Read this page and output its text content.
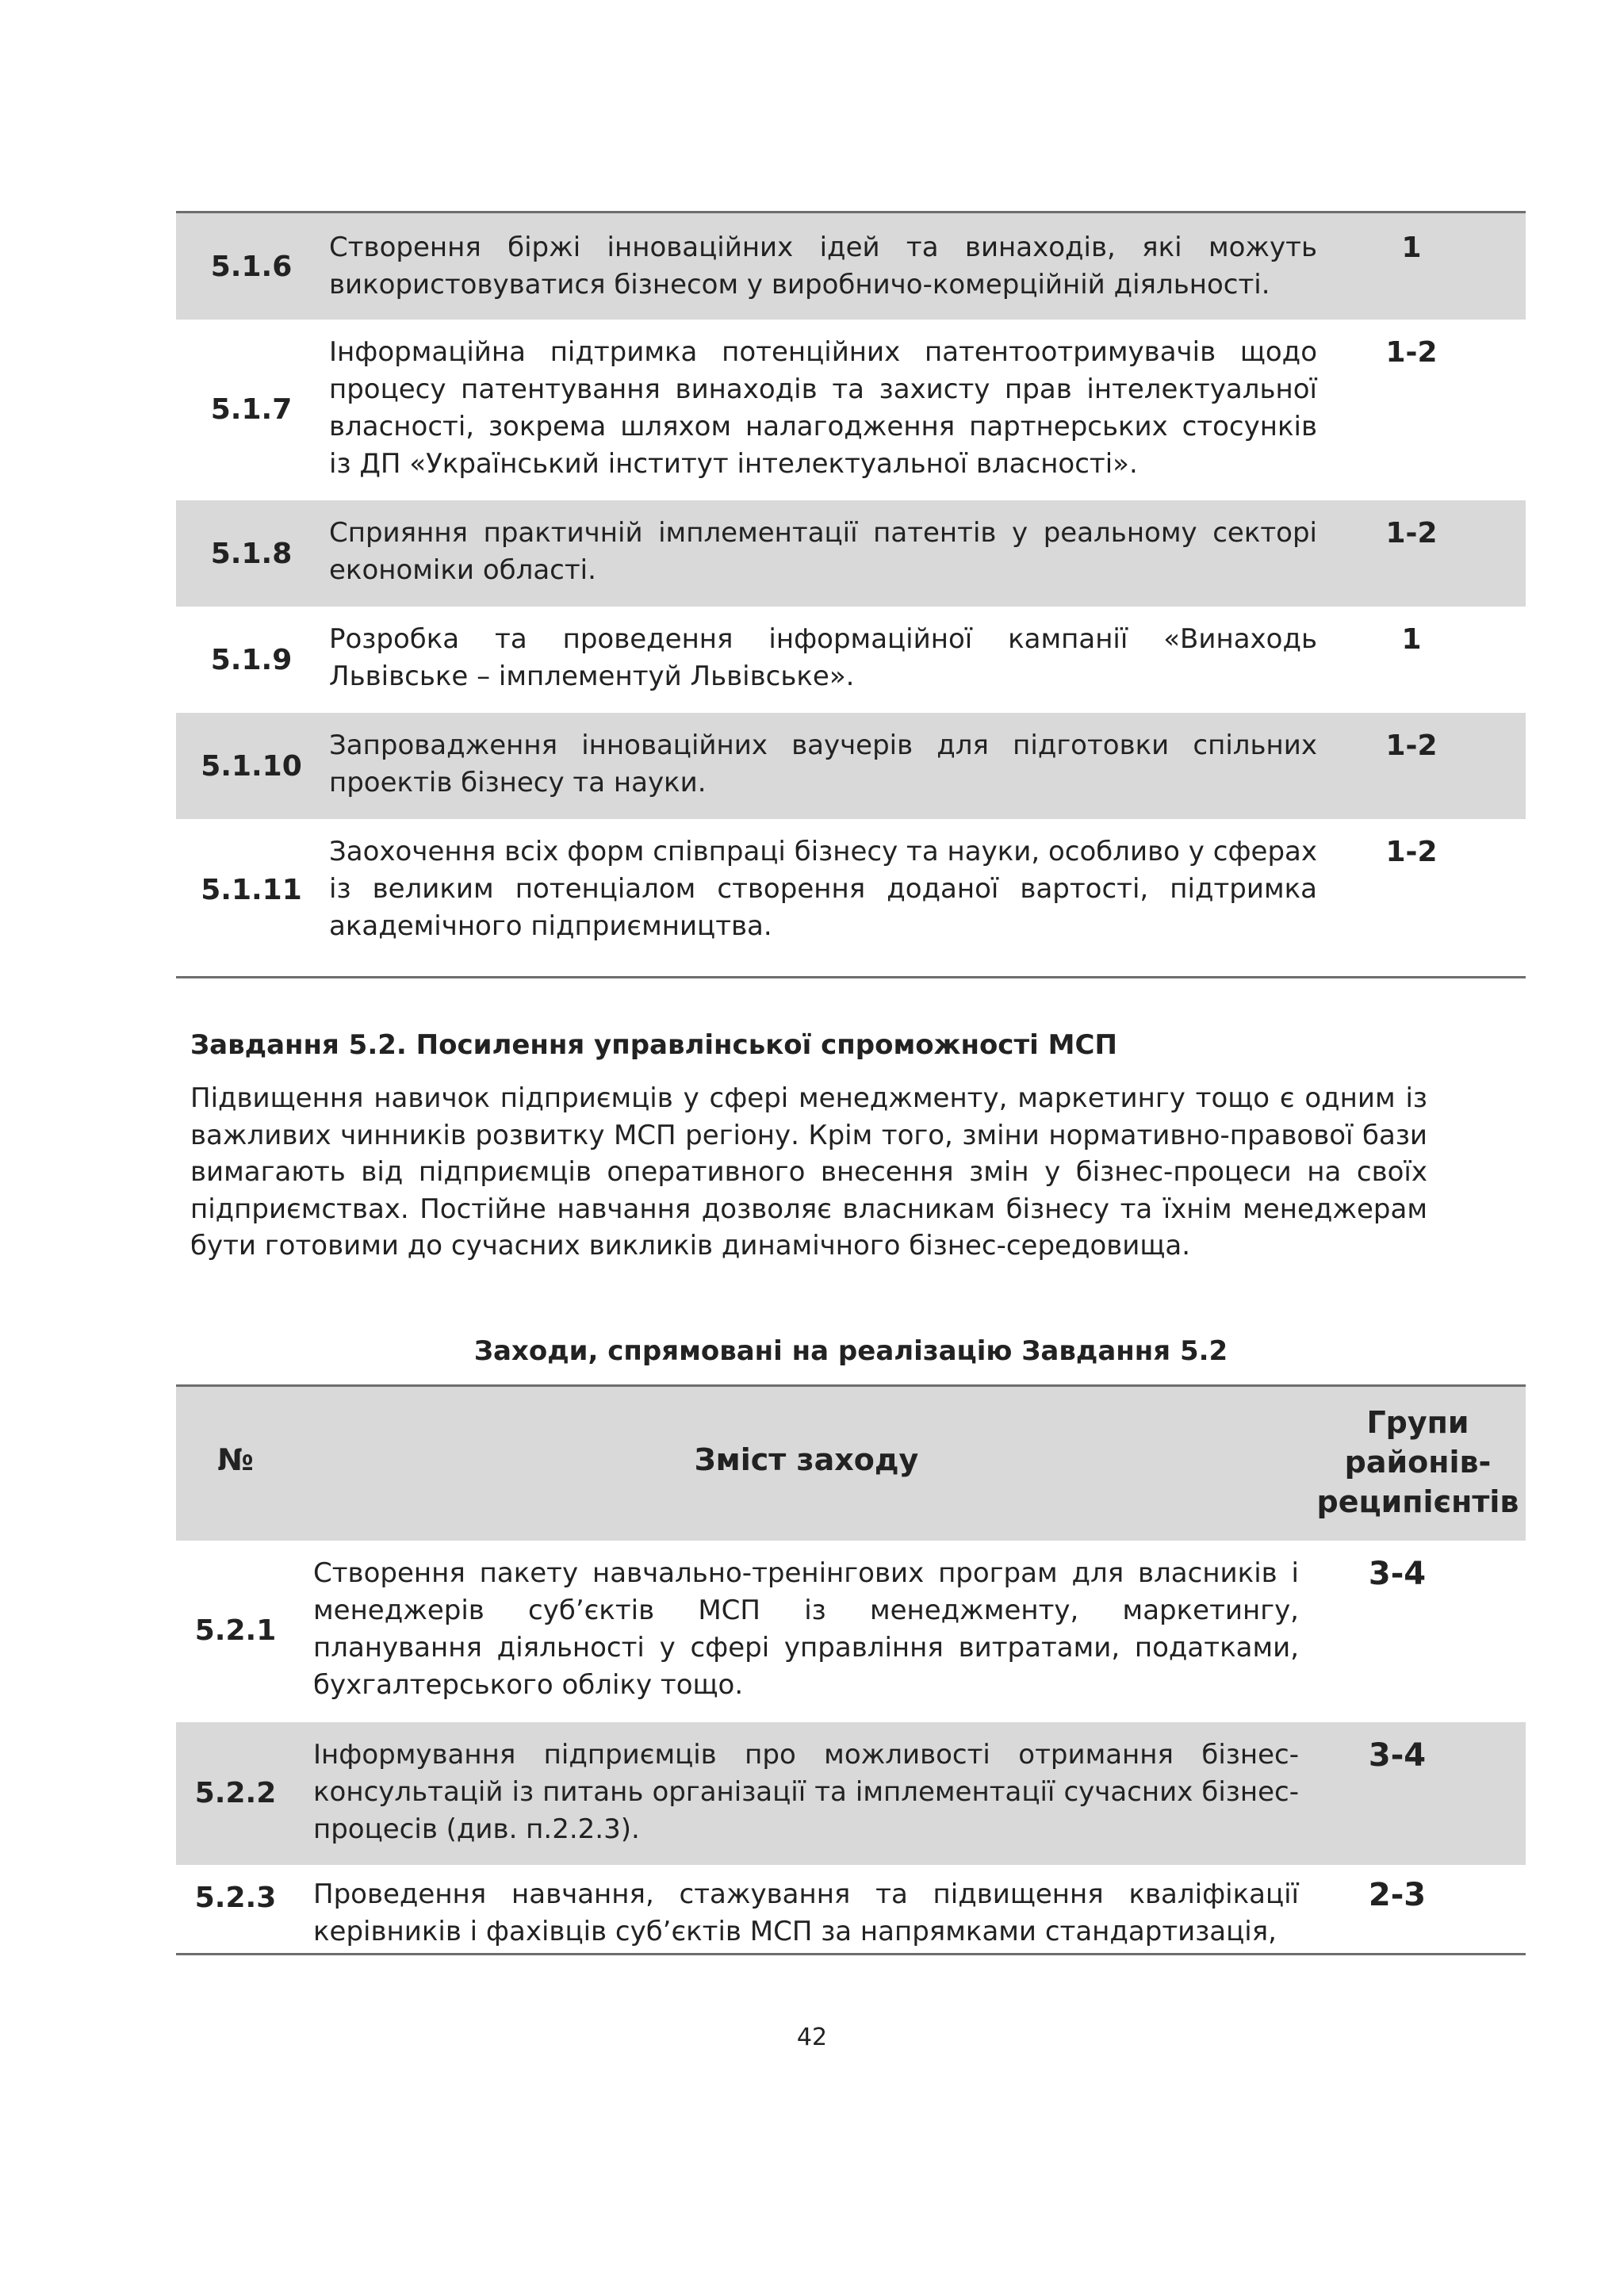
5.1.6
Створення біржі інноваційних ідей та винаходів, які можуть використовуватися бізнесом у виробничо-комерційній діяльності.
1
5.1.7
Інформаційна підтримка потенційних патентоотримувачів щодо процесу патентування винаходів та захисту прав інтелектуальної власності, зокрема шляхом налагодження партнерських стосунків із ДП «Український інститут інтелектуальної власності».
1-2
5.1.8
Сприяння практичній імплементації патентів у реальному секторі економіки області.
1-2
5.1.9
Розробка та проведення інформаційної кампанії «Винаходь Львівське – імплементуй Львівське».
1
5.1.10
Запровадження інноваційних ваучерів для підготовки спільних проектів бізнесу та науки.
1-2
5.1.11
Заохочення всіх форм співпраці бізнесу та науки, особливо у сферах із великим потенціалом створення доданої вартості, підтримка академічного підприємництва.
1-2
Завдання 5.2. Посилення управлінської спроможності МСП
Підвищення навичок підприємців у сфері менеджменту, маркетингу тощо є одним із важливих чинників розвитку МСП регіону. Крім того, зміни нормативно-правової бази вимагають від підприємців оперативного внесення змін у бізнес-процеси на своїх підприємствах. Постійне навчання дозволяє власникам бізнесу та їхнім менеджерам бути готовими до сучасних викликів динамічного бізнес-середовища.
Заходи, спрямовані на реалізацію Завдання 5.2
№	Зміст заходу
Групи районів-реципієнтів
5.2.1
Створення пакету навчально-тренінгових програм для власників і менеджерів суб’єктів МСП із менеджменту, маркетингу, планування діяльності у сфері управління витратами, податками, бухгалтерського обліку тощо.
3-4
5.2.2
Інформування підприємців про можливості отримання бізнес-консультацій із питань організації та імплементації сучасних бізнес-процесів (див. п.2.2.3).
3-4
5.2.3	Проведення навчання, стажування та підвищення кваліфікації керівників і фахівців суб’єктів МСП за напрямками стандартизація,
2-3
42
